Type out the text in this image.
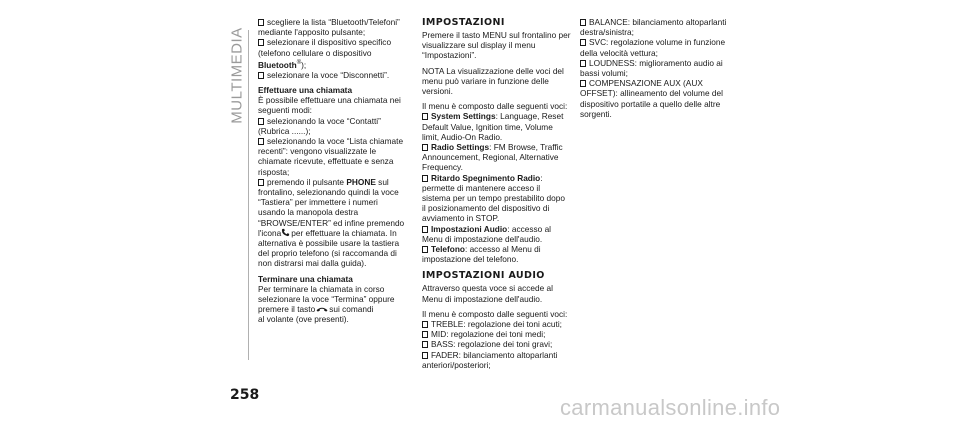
MULTIMEDIA
scegliere la lista “Bluetooth/Telefoni”
mediante l'apposito pulsante;
selezionare il dispositivo specifico
(telefono cellulare o dispositivo
Bluetooth®);
selezionare la voce “Disconnetti”.
Effettuare una chiamata
È possibile effettuare una chiamata nei
seguenti modi:
selezionando la voce “Contatti”
(Rubrica ......);
selezionando la voce “Lista chiamate
recenti”: vengono visualizzate le
chiamate ricevute, effettuate e senza
risposta;
premendo il pulsante PHONE sul
frontalino, selezionando quindi la voce
“Tastiera” per immettere i numeri
usando la manopola destra
“BROWSE/ENTER” ed infine premendo
l'icona per effettuare la chiamata. In
alternativa è possibile usare la tastiera
del proprio telefono (si raccomanda di
non distrarsi mai dalla guida).
Terminare una chiamata
Per terminare la chiamata in corso
selezionare la voce “Termina” oppure
premere il tasto sui comandi
al volante (ove presenti).
IMPOSTAZIONI
Premere il tasto MENU sul frontalino per
visualizzare sul display il menu
“Impostazioni”.
NOTA La visualizzazione delle voci del
menu può variare in funzione delle
versioni.
Il menu è composto dalle seguenti voci:
System Settings: Language, Reset
Default Value, Ignition time, Volume
limit, Audio-On Radio.
Radio Settings: FM Browse, Traffic
Announcement, Regional, Alternative
Frequency.
Ritardo Spegnimento Radio:
permette di mantenere acceso il
sistema per un tempo prestabilito dopo
il posizionamento del dispositivo di
avviamento in STOP.
Impostazioni Audio: accesso al
Menu di impostazione dell'audio.
Telefono: accesso al Menu di
impostazione del telefono.
IMPOSTAZIONI AUDIO
Attraverso questa voce si accede al
Menu di impostazione dell'audio.
Il menu è composto dalle seguenti voci:
TREBLE: regolazione dei toni acuti;
MID: regolazione dei toni medi;
BASS: regolazione dei toni gravi;
FADER: bilanciamento altoparlanti
anteriori/posteriori;
BALANCE: bilanciamento altoparlanti
destra/sinistra;
SVC: regolazione volume in funzione
della velocità vettura;
LOUDNESS: miglioramento audio ai
bassi volumi;
COMPENSAZIONE AUX (AUX
OFFSET): allineamento del volume del
dispositivo portatile a quello delle altre
sorgenti.
258	carmanualsonline.info
